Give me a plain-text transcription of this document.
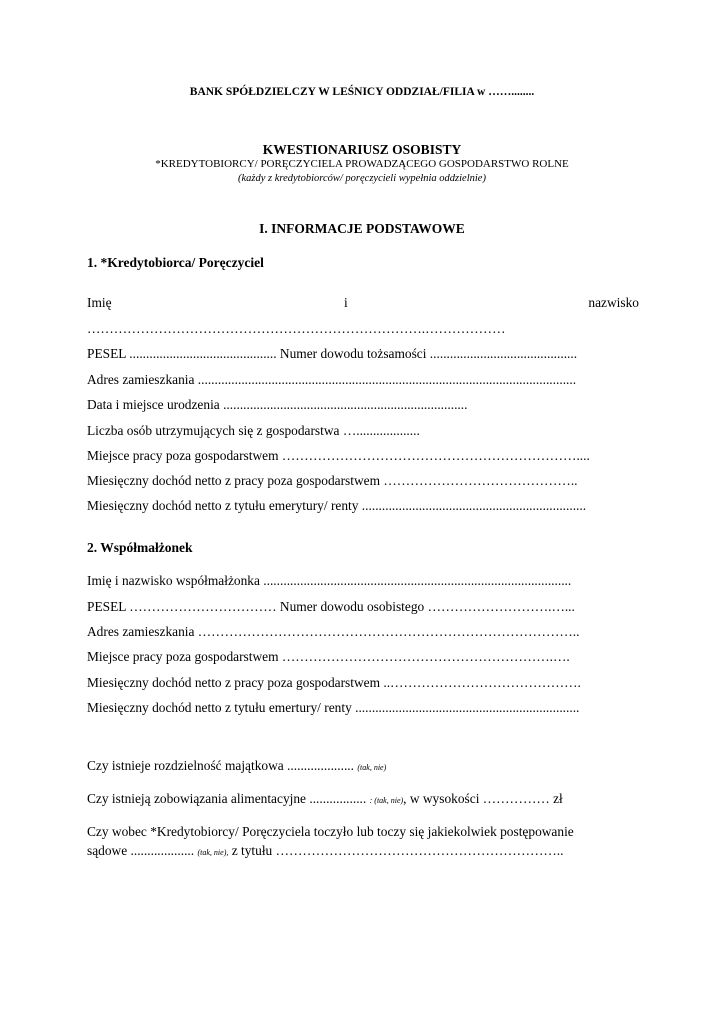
BANK SPÓŁDZIELCZY W LEŚNICY ODDZIAŁ/FILIA w ……........
KWESTIONARIUSZ OSOBISTY
*KREDYTOBIORCY/ PORĘCZYCIELA PROWADZĄCEGO GOSPODARSTWO ROLNE
(każdy z kredytobiorców/ poręczycieli wypełnia oddzielnie)
I. INFORMACJE PODSTAWOWE
1. *Kredytobiorca/ Poręczyciel
Imię	i	nazwisko
………………………………………………………………….………………
PESEL ............................................ Numer dowodu tożsamości ............................................
Adres zamieszkania .................................................................................................................
Data i miejsce urodzenia .........................................................................
Liczba osób utrzymujących się z gospodarstwa …...................
Miejsce pracy poza gospodarstwem …………………………………………………………....
Miesięczny dochód netto z pracy poza gospodarstwem ……………………………………..
Miesięczny dochód netto z tytułu emerytury/ renty ...................................................................
2. Współmałżonek
Imię i nazwisko współmałżonka ............................................................................................
PESEL …………………………… Numer dowodu osobistego ……………………….…...
Adres zamieszkania …………………………………………………………………………..
Miejsce pracy poza gospodarstwem …………………………………………………….….
Miesięczny dochód netto z pracy poza gospodarstwem ..…………………………………….
Miesięczny dochód netto z tytułu emertury/ renty ...................................................................
Czy istnieje rozdzielność majątkowa .................... (tak, nie)
Czy istnieją zobowiązania alimentacyjne ................. : (tak, nie), w wysokości …………… zł
Czy wobec *Kredytobiorcy/ Poręczyciela toczyło lub toczy się jakiekolwiek postępowanie
sądowe ................... (tak, nie), z tytułu ………………………………………………………..
